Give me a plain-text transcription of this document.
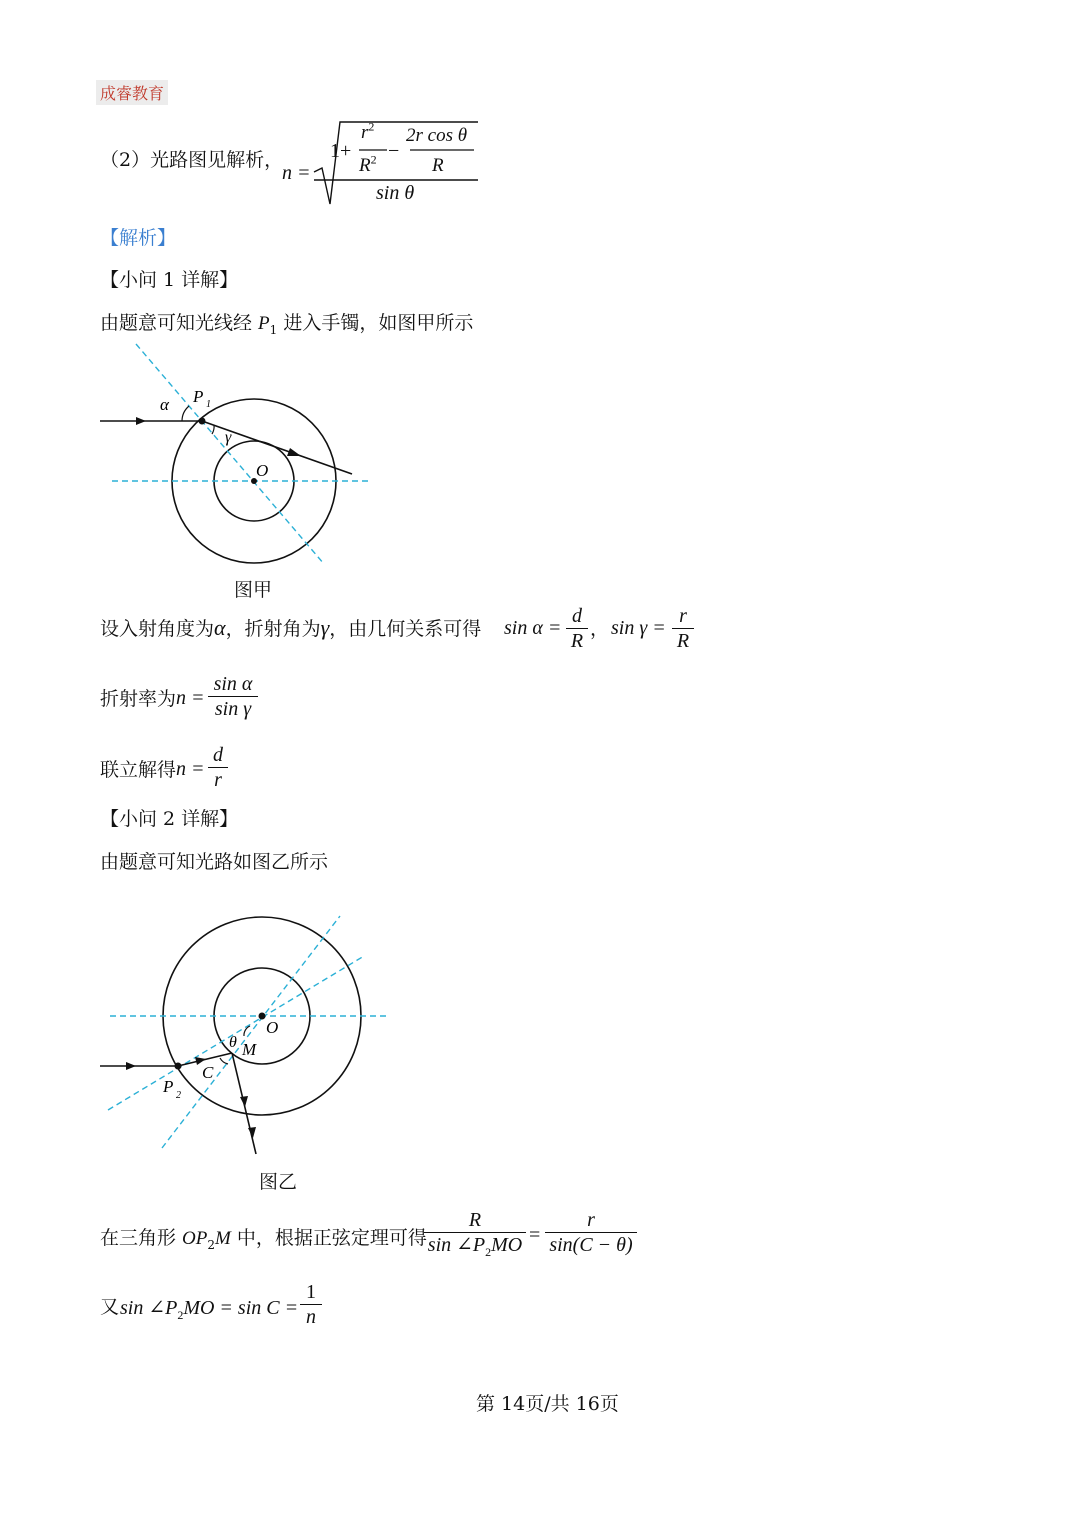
成睿教育
（2）光路图见解析，
n =
1+
$r^2$
$R^2$ −
2r cos θ
R
sin θ
【解析】
【小问 1 详解】
由题意可知光线经 $P_1$ 进入手镯，如图甲所示
α P 1
γ
O
图甲
设入射角度为α，折射角为γ，由几何关系可得 $\sin \alpha = \frac{d}{R}$ ， $\sin \gamma = \frac{r}{R}$
折射率为 $n = \frac{\text{sin α}}{\text{sin γ}}$
联立解得 $n = \frac{d}{r}$
【小问 2 详解】
由题意可知光路如图乙所示
O
θ M
C
P 2
图乙
在三角形 $OP_2M$ 中，根据正弦定理可得
$\frac{R}{\sin \angle P_2MO} = \frac{r}{\sin(C - \theta)}$
又 $\sin \angle P_2MO = \sin C = \frac{1}{n}$
第 14页/共 16页
